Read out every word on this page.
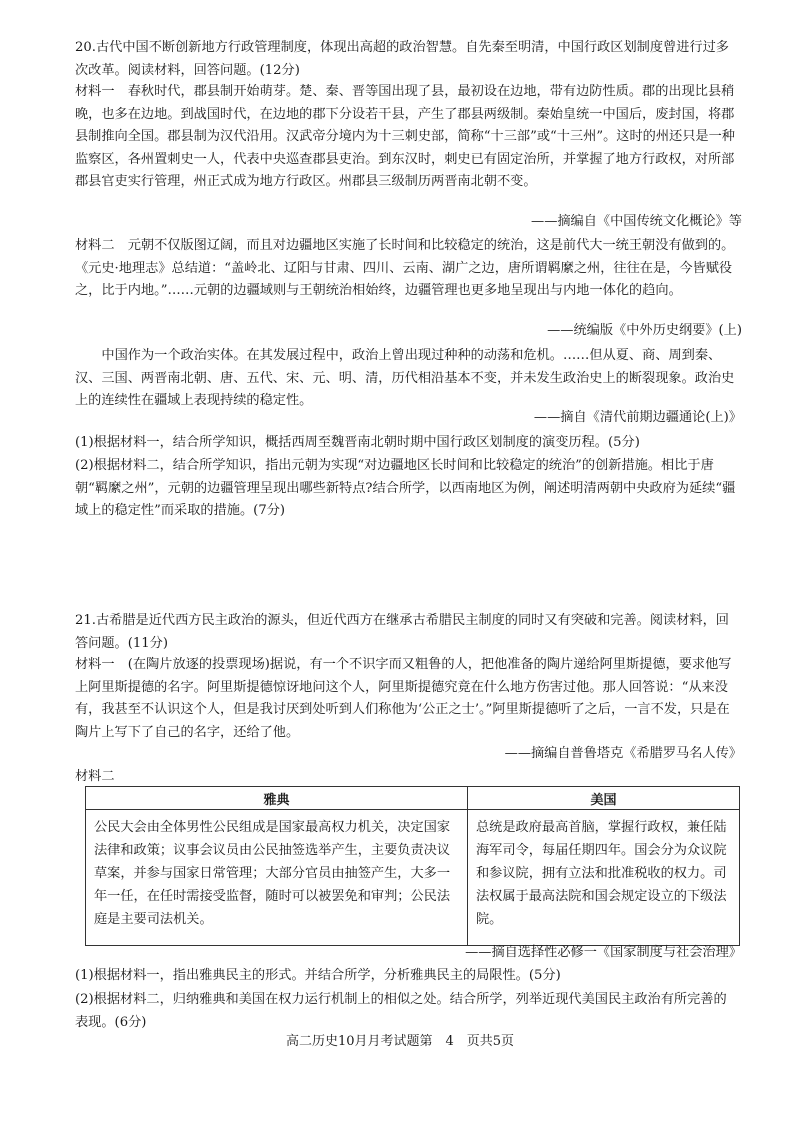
20.古代中国不断创新地方行政管理制度，体现出高超的政治智慧。自先秦至明清，中国行政区划制度曾进行过多次改革。阅读材料，回答问题。(12分)

材料一　春秋时代，郡县制开始萌芽。楚、秦、晋等国出现了县，最初设在边地，带有边防性质。郡的出现比县稍晚，也多在边地。到战国时代，在边地的郡下分设若干县，产生了郡县两级制。秦始皇统一中国后，废封国，将郡县制推向全国。郡县制为汉代沿用。汉武帝分境内为十三刺史部，简称“十三部”或“十三州”。这时的州还只是一种监察区，各州置刺史一人，代表中央巡查郡县吏治。到东汉时，刺史已有固定治所，并掌握了地方行政权，对所部郡县官吏实行管理，州正式成为地方行政区。州郡县三级制历两晋南北朝不变。

——摘编自《中国传统文化概论》等

材料二　元朝不仅版图辽阔，而且对边疆地区实施了长时间和比较稳定的统治，这是前代大一统王朝没有做到的。《元史·地理志》总结道：“盖岭北、辽阳与甘肃、四川、云南、湖广之边，唐所谓羁縻之州，往往在是，今皆赋役之，比于内地。”……元朝的边疆域则与王朝统治相始终，边疆管理也更多地呈现出与内地一体化的趋向。

——统编版《中外历史纲要》(上)

中国作为一个政治实体。在其发展过程中，政治上曾出现过种种的动荡和危机。……但从夏、商、周到秦、汉、三国、两晋南北朝、唐、五代、宋、元、明、清，历代相沿基本不变，并未发生政治史上的断裂现象。政治史上的连续性在疆域上表现持续的稳定性。

——摘自《清代前期边疆通论(上)》

(1)根据材料一，结合所学知识，概括西周至魏晋南北朝时期中国行政区划制度的演变历程。(5分)

(2)根据材料二，结合所学知识，指出元朝为实现“对边疆地区长时间和比较稳定的统治”的创新措施。相比于唐朝“羁縻之州”，元朝的边疆管理呈现出哪些新特点?结合所学，以西南地区为例，阐述明清两朝中央政府为延续“疆域上的稳定性”而采取的措施。(7分)

21.古希腊是近代西方民主政治的源头，但近代西方在继承古希腊民主制度的同时又有突破和完善。阅读材料，回答问题。(11分)

材料一　(在陶片放逐的投票现场)据说，有一个不识字而又粗鲁的人，把他准备的陶片递给阿里斯提德，要求他写上阿里斯提德的名字。阿里斯提德惊讶地问这个人，阿里斯提德究竟在什么地方伤害过他。那人回答说：“从来没有，我甚至不认识这个人，但是我讨厌到处听到人们称他为‘公正之士’。”阿里斯提德听了之后，一言不发，只是在陶片上写下了自己的名字，还给了他。

——摘编自普鲁塔克《希腊罗马名人传》
材料二
雅典	美国
公民大会由全体男性公民组成是国家最高权力机关，决定国家法律和政策；议事会议员由公民抽签选举产生，主要负责决议草案，并参与国家日常管理；大部分官员由抽签产生，大多一年一任，在任时需接受监督，随时可以被罢免和审判；公民法庭是主要司法机关。	总统是政府最高首脑，掌握行政权，兼任陆海军司令，每届任期四年。国会分为众议院和参议院，拥有立法和批准税收的权力。司法权属于最高法院和国会规定设立的下级法院。
——摘自选择性必修一《国家制度与社会治理》

(1)根据材料一，指出雅典民主的形式。并结合所学，分析雅典民主的局限性。(5分)

(2)根据材料二，归纳雅典和美国在权力运行机制上的相似之处。结合所学，列举近现代美国民主政治有所完善的表现。(6分)

高二历史10月月考试题第　4　页共5页
